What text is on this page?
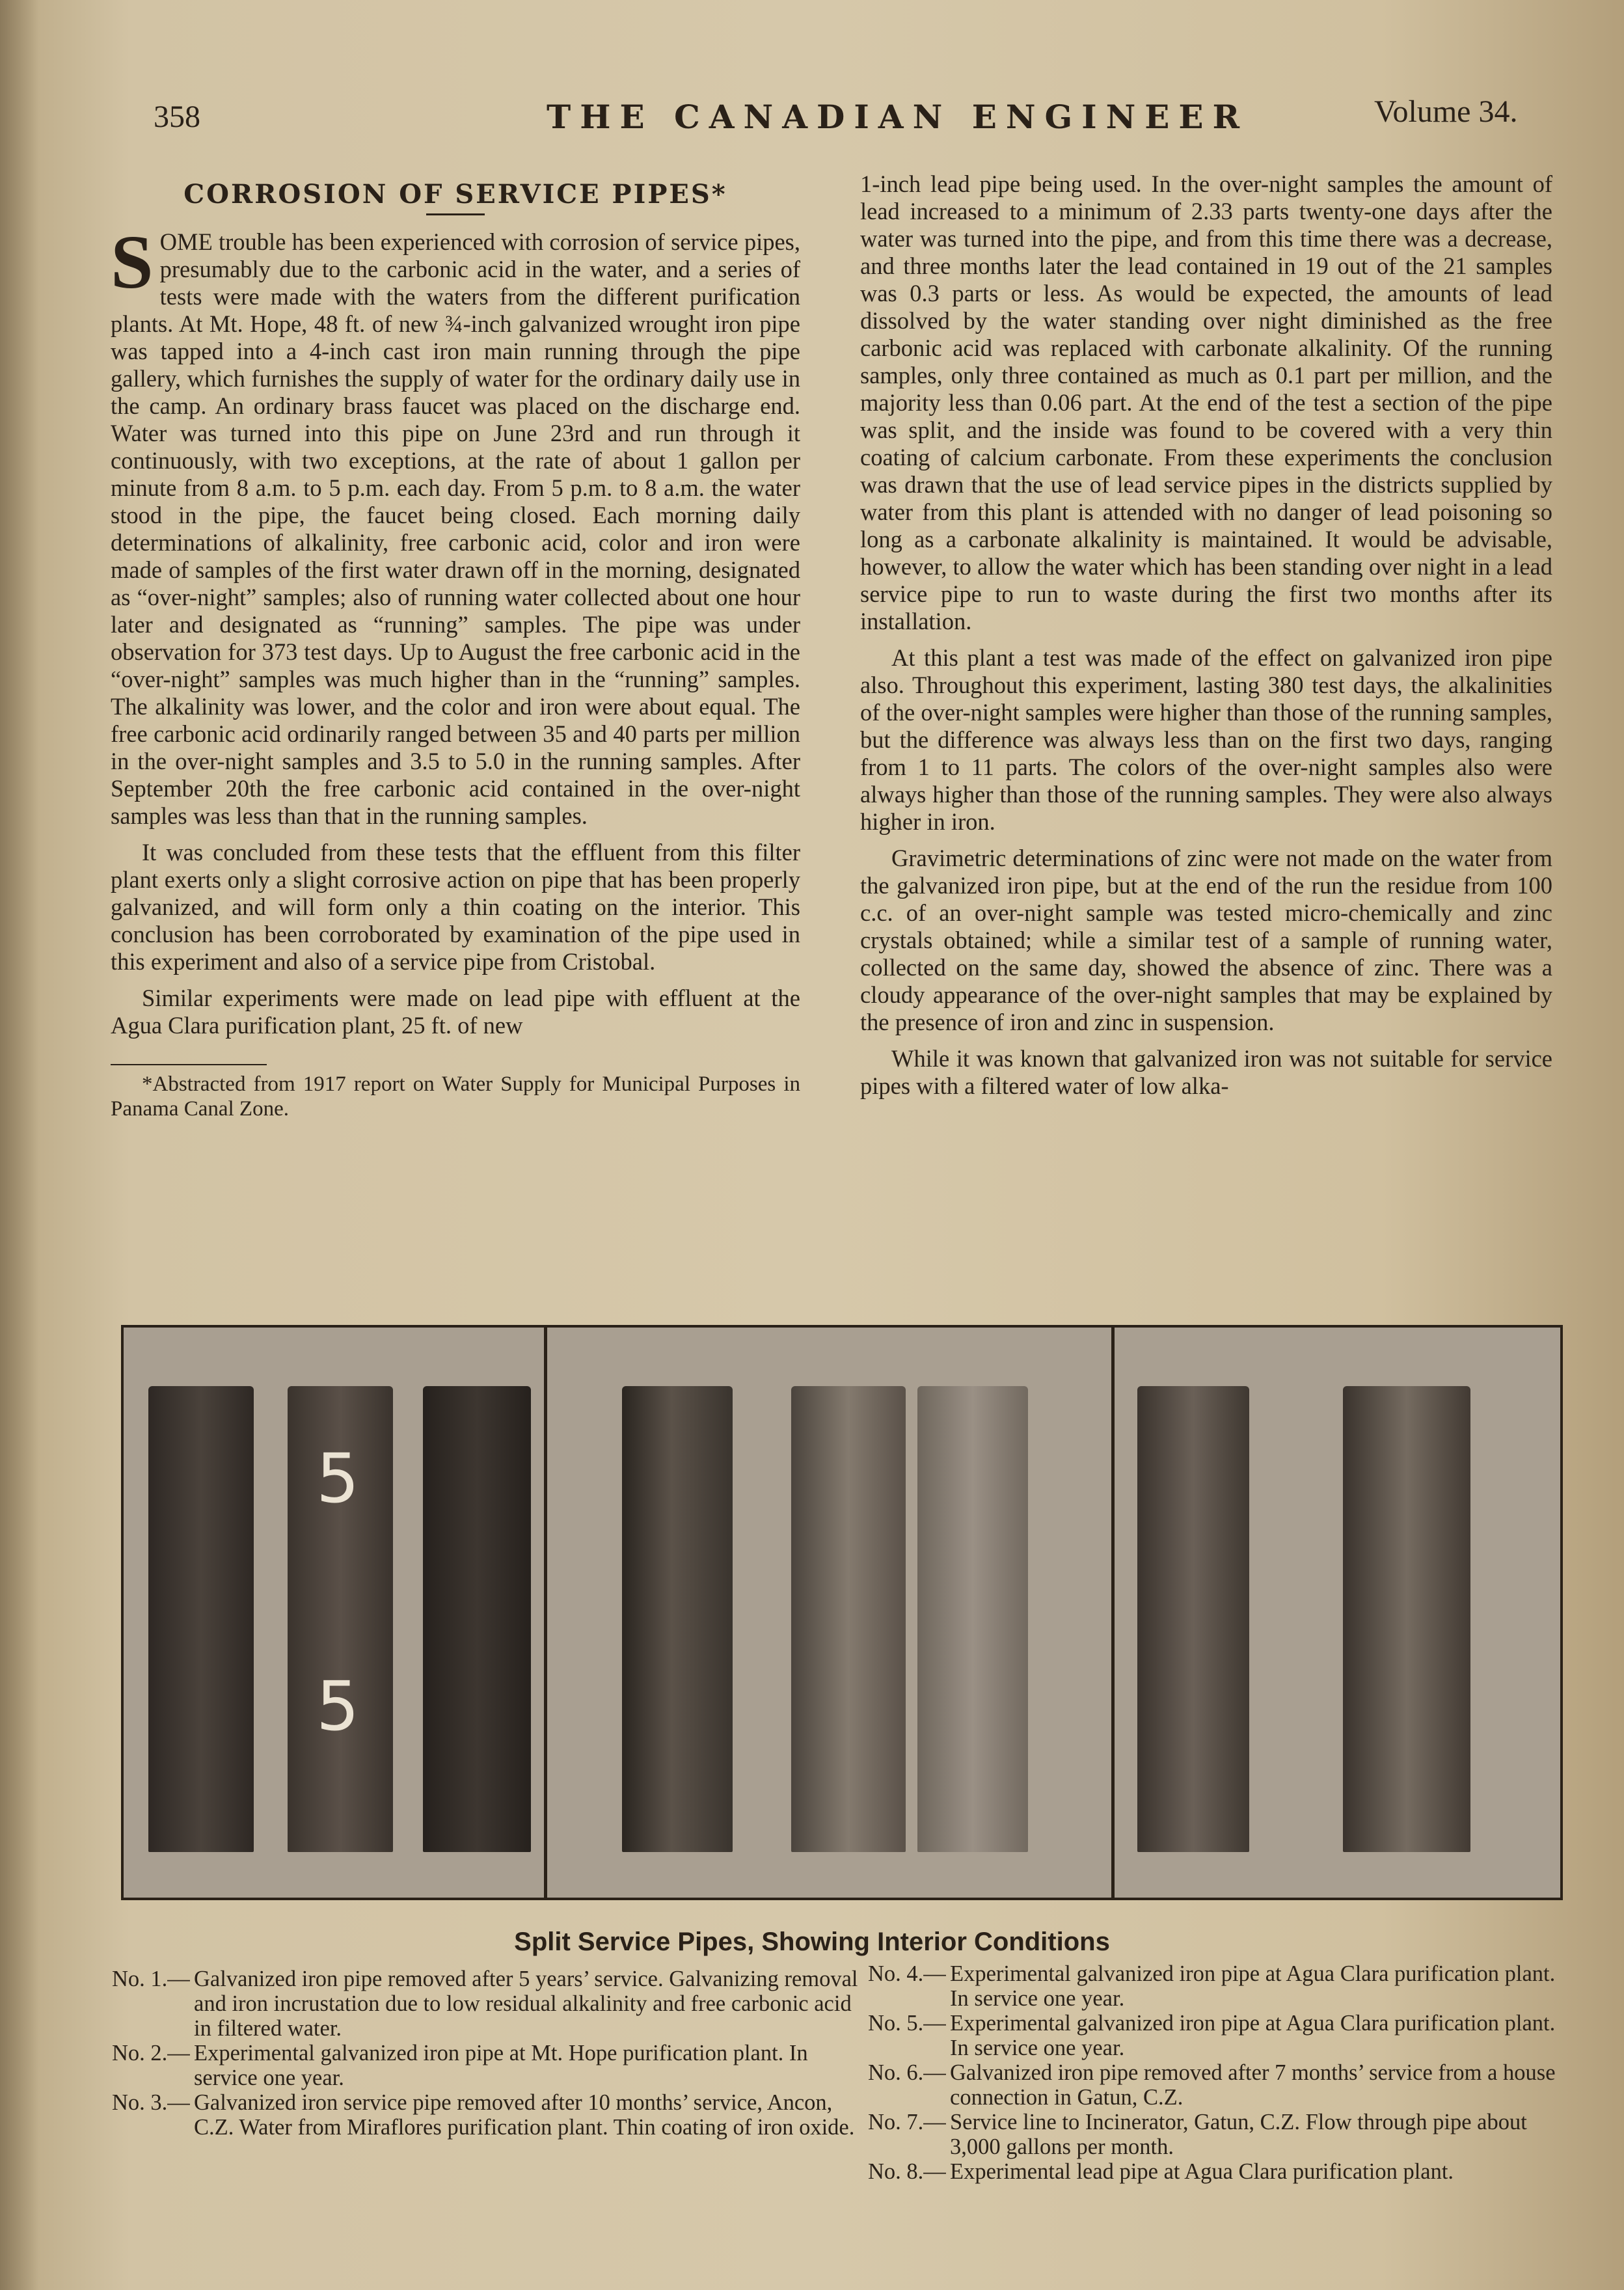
358	THE CANADIAN ENGINEER	Volume 34.
CORROSION OF SERVICE PIPES*

SOME trouble has been experienced with corrosion of service pipes, presumably due to the carbonic acid in the water, and a series of tests were made with the waters from the different purification plants. At Mt. Hope, 48 ft. of new ¾-inch galvanized wrought iron pipe was tapped into a 4-inch cast iron main running through the pipe gallery, which furnishes the supply of water for the ordinary daily use in the camp. An ordinary brass faucet was placed on the discharge end. Water was turned into this pipe on June 23rd and run through it continuously, with two exceptions, at the rate of about 1 gallon per minute from 8 a.m. to 5 p.m. each day. From 5 p.m. to 8 a.m. the water stood in the pipe, the faucet being closed. Each morning daily determinations of alkalinity, free carbonic acid, color and iron were made of samples of the first water drawn off in the morning, designated as “over-night” samples; also of running water collected about one hour later and designated as “running” samples. The pipe was under observation for 373 test days. Up to August the free carbonic acid in the “over-night” samples was much higher than in the “running” samples. The alkalinity was lower, and the color and iron were about equal. The free carbonic acid ordinarily ranged between 35 and 40 parts per million in the over-night samples and 3.5 to 5.0 in the running samples. After September 20th the free carbonic acid contained in the over-night samples was less than that in the running samples.

It was concluded from these tests that the effluent from this filter plant exerts only a slight corrosive action on pipe that has been properly galvanized, and will form only a thin coating on the interior. This conclusion has been corroborated by examination of the pipe used in this experiment and also of a service pipe from Cristobal.

Similar experiments were made on lead pipe with effluent at the Agua Clara purification plant, 25 ft. of new

*Abstracted from 1917 report on Water Supply for Municipal Purposes in Panama Canal Zone.

1-inch lead pipe being used. In the over-night samples the amount of lead increased to a minimum of 2.33 parts twenty-one days after the water was turned into the pipe, and from this time there was a decrease, and three months later the lead contained in 19 out of the 21 samples was 0.3 parts or less. As would be expected, the amounts of lead dissolved by the water standing over night diminished as the free carbonic acid was replaced with carbonate alkalinity. Of the running samples, only three contained as much as 0.1 part per million, and the majority less than 0.06 part. At the end of the test a section of the pipe was split, and the inside was found to be covered with a very thin coating of calcium carbonate. From these experiments the conclusion was drawn that the use of lead service pipes in the districts supplied by water from this plant is attended with no danger of lead poisoning so long as a carbonate alkalinity is maintained. It would be advisable, however, to allow the water which has been standing over night in a lead service pipe to run to waste during the first two months after its installation.

At this plant a test was made of the effect on galvanized iron pipe also. Throughout this experiment, lasting 380 test days, the alkalinities of the over-night samples were higher than those of the running samples, but the difference was always less than on the first two days, ranging from 1 to 11 parts. The colors of the over-night samples also were always higher than those of the running samples. They were also always higher in iron.

Gravimetric determinations of zinc were not made on the water from the galvanized iron pipe, but at the end of the run the residue from 100 c.c. of an over-night sample was tested micro-chemically and zinc crystals obtained; while a similar test of a sample of running water, collected on the same day, showed the absence of zinc. There was a cloudy appearance of the over-night samples that may be explained by the presence of iron and zinc in suspension.

While it was known that galvanized iron was not suitable for service pipes with a filtered water of low alka-

5
5
Split Service Pipes, Showing Interior Conditions
No. 1.— Galvanized iron pipe removed after 5 years’ service. Galvanizing removal and iron incrustation due to low residual alkalinity and free carbonic acid in filtered water.
No. 2.— Experimental galvanized iron pipe at Mt. Hope purification plant. In service one year.
No. 3.— Galvanized iron service pipe removed after 10 months’ service, Ancon, C.Z. Water from Miraflores purification plant. Thin coating of iron oxide.
No. 4.— Experimental galvanized iron pipe at Agua Clara purification plant. In service one year.
No. 5.— Experimental galvanized iron pipe at Agua Clara purification plant. In service one year.
No. 6.— Galvanized iron pipe removed after 7 months’ service from a house connection in Gatun, C.Z.
No. 7.— Service line to Incinerator, Gatun, C.Z. Flow through pipe about 3,000 gallons per month.
No. 8.— Experimental lead pipe at Agua Clara purification plant.
